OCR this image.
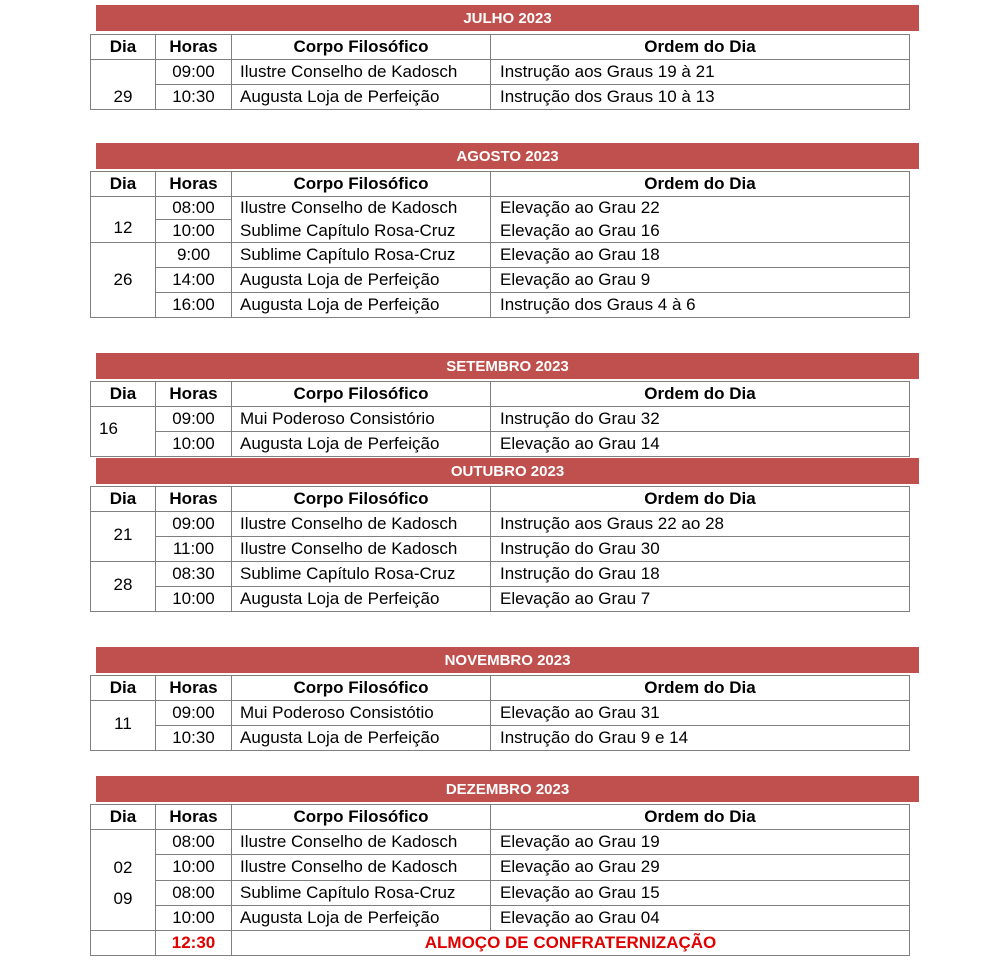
JULHO 2023
Dia	Horas	Corpo Filosófico	Ordem do Dia
29	09:00	Ilustre Conselho de Kadosch	Instrução aos Graus 19 à 21
	10:30	Augusta Loja de Perfeição	Instrução dos Graus 10 à 13
AGOSTO 2023
Dia	Horas	Corpo Filosófico	Ordem do Dia
12	08:00	Ilustre Conselho de Kadosch	Elevação ao Grau 22
	10:00	Sublime Capítulo Rosa-Cruz	Elevação ao Grau 16
26	9:00	Sublime Capítulo Rosa-Cruz	Elevação ao Grau 18
	14:00	Augusta Loja de Perfeição	Elevação ao Grau 9
	16:00	Augusta Loja de Perfeição	Instrução dos Graus 4 à 6
SETEMBRO 2023
Dia	Horas	Corpo Filosófico	Ordem do Dia
16	09:00	Mui Poderoso Consistório	Instrução do Grau 32
	10:00	Augusta Loja de Perfeição	Elevação ao Grau 14
OUTUBRO 2023
Dia	Horas	Corpo Filosófico	Ordem do Dia
21	09:00	Ilustre Conselho de Kadosch	Instrução aos Graus 22 ao 28
	11:00	Ilustre Conselho de Kadosch	Instrução do Grau 30
28	08:30	Sublime Capítulo Rosa-Cruz	Instrução do Grau 18
	10:00	Augusta Loja de Perfeição	Elevação ao Grau 7
NOVEMBRO 2023
Dia	Horas	Corpo Filosófico	Ordem do Dia
11	09:00	Mui Poderoso Consistótio	Elevação ao Grau 31
	10:30	Augusta Loja de Perfeição	Instrução do Grau 9 e 14
DEZEMBRO 2023
Dia	Horas	Corpo Filosófico	Ordem do Dia
02	08:00	Ilustre Conselho de Kadosch	Elevação ao Grau 19
	10:00	Ilustre Conselho de Kadosch	Elevação ao Grau 29
09	08:00	Sublime Capítulo Rosa-Cruz	Elevação ao Grau 15
	10:00	Augusta Loja de Perfeição	Elevação ao Grau 04
	12:30	ALMOÇO DE CONFRATERNIZAÇÃO	
